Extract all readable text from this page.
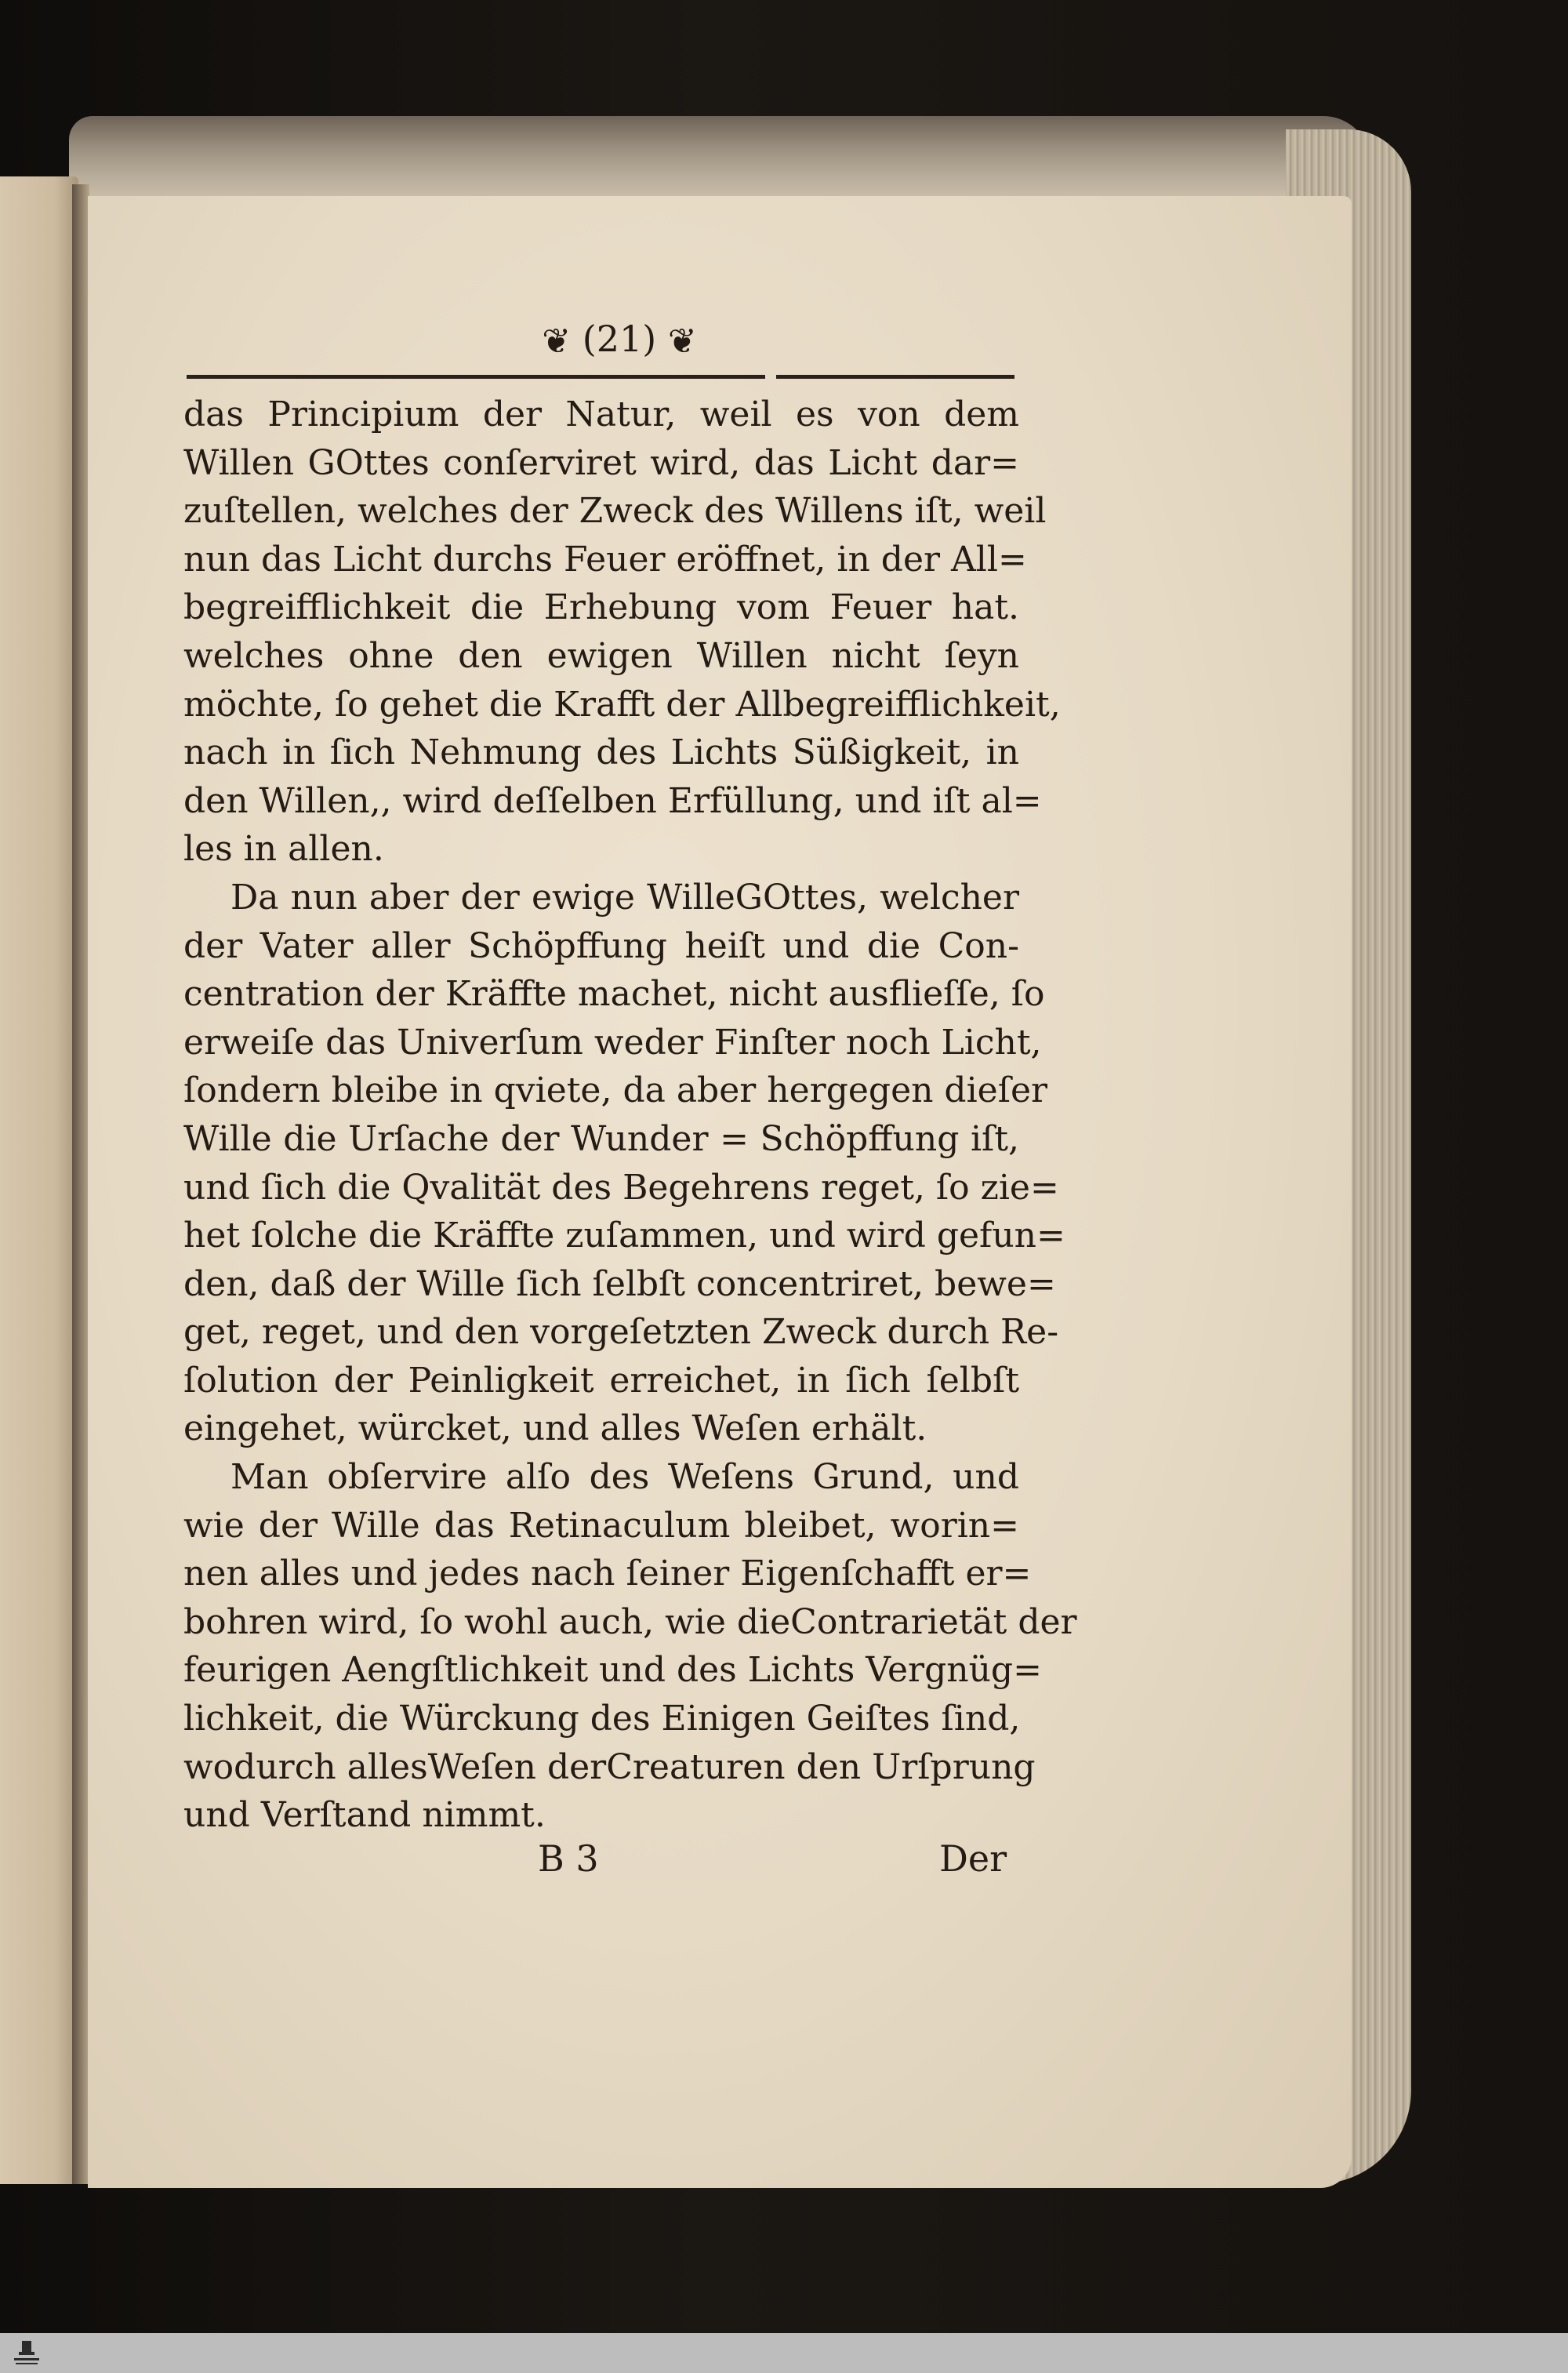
❦ (21) ❦
das Principium der Natur, weil es von dem
Willen GOttes conſerviret wird, das Licht dar=
zuſtellen, welches der Zweck des Willens iſt, weil
nun das Licht durchs Feuer eröffnet, in der All=
begreifflichkeit die Erhebung vom Feuer hat.
welches ohne den ewigen Willen nicht ſeyn
möchte, ſo gehet die Krafft der Allbegreifflichkeit,
nach in ſich Nehmung des Lichts Süßigkeit, in
den Willen,, wird deſſelben Erfüllung, und iſt al=
les in allen.
Da nun aber der ewige WilleGOttes, welcher
der Vater aller Schöpffung heiſt und die Con-
centration der Kräffte machet, nicht ausflieſſe, ſo
erweiſe das Univerſum weder Finſter noch Licht,
ſondern bleibe in qviete, da aber hergegen dieſer
Wille die Urſache der Wunder = Schöpffung iſt,
und ſich die Qvalität des Begehrens reget, ſo zie=
het ſolche die Kräffte zuſammen, und wird gefun=
den, daß der Wille ſich ſelbſt concentriret, bewe=
get, reget, und den vorgeſetzten Zweck durch Re-
ſolution der Peinligkeit erreichet, in ſich ſelbſt
eingehet, würcket, und alles Weſen erhält.
Man obſervire alſo des Weſens Grund, und
wie der Wille das Retinaculum bleibet, worin=
nen alles und jedes nach ſeiner Eigenſchafft er=
bohren wird, ſo wohl auch, wie dieContrarietät der
feurigen Aengſtlichkeit und des Lichts Vergnüg=
lichkeit, die Würckung des Einigen Geiſtes ſind,
wodurch allesWeſen derCreaturen den Urſprung
und Verſtand nimmt.
B 3	Der
